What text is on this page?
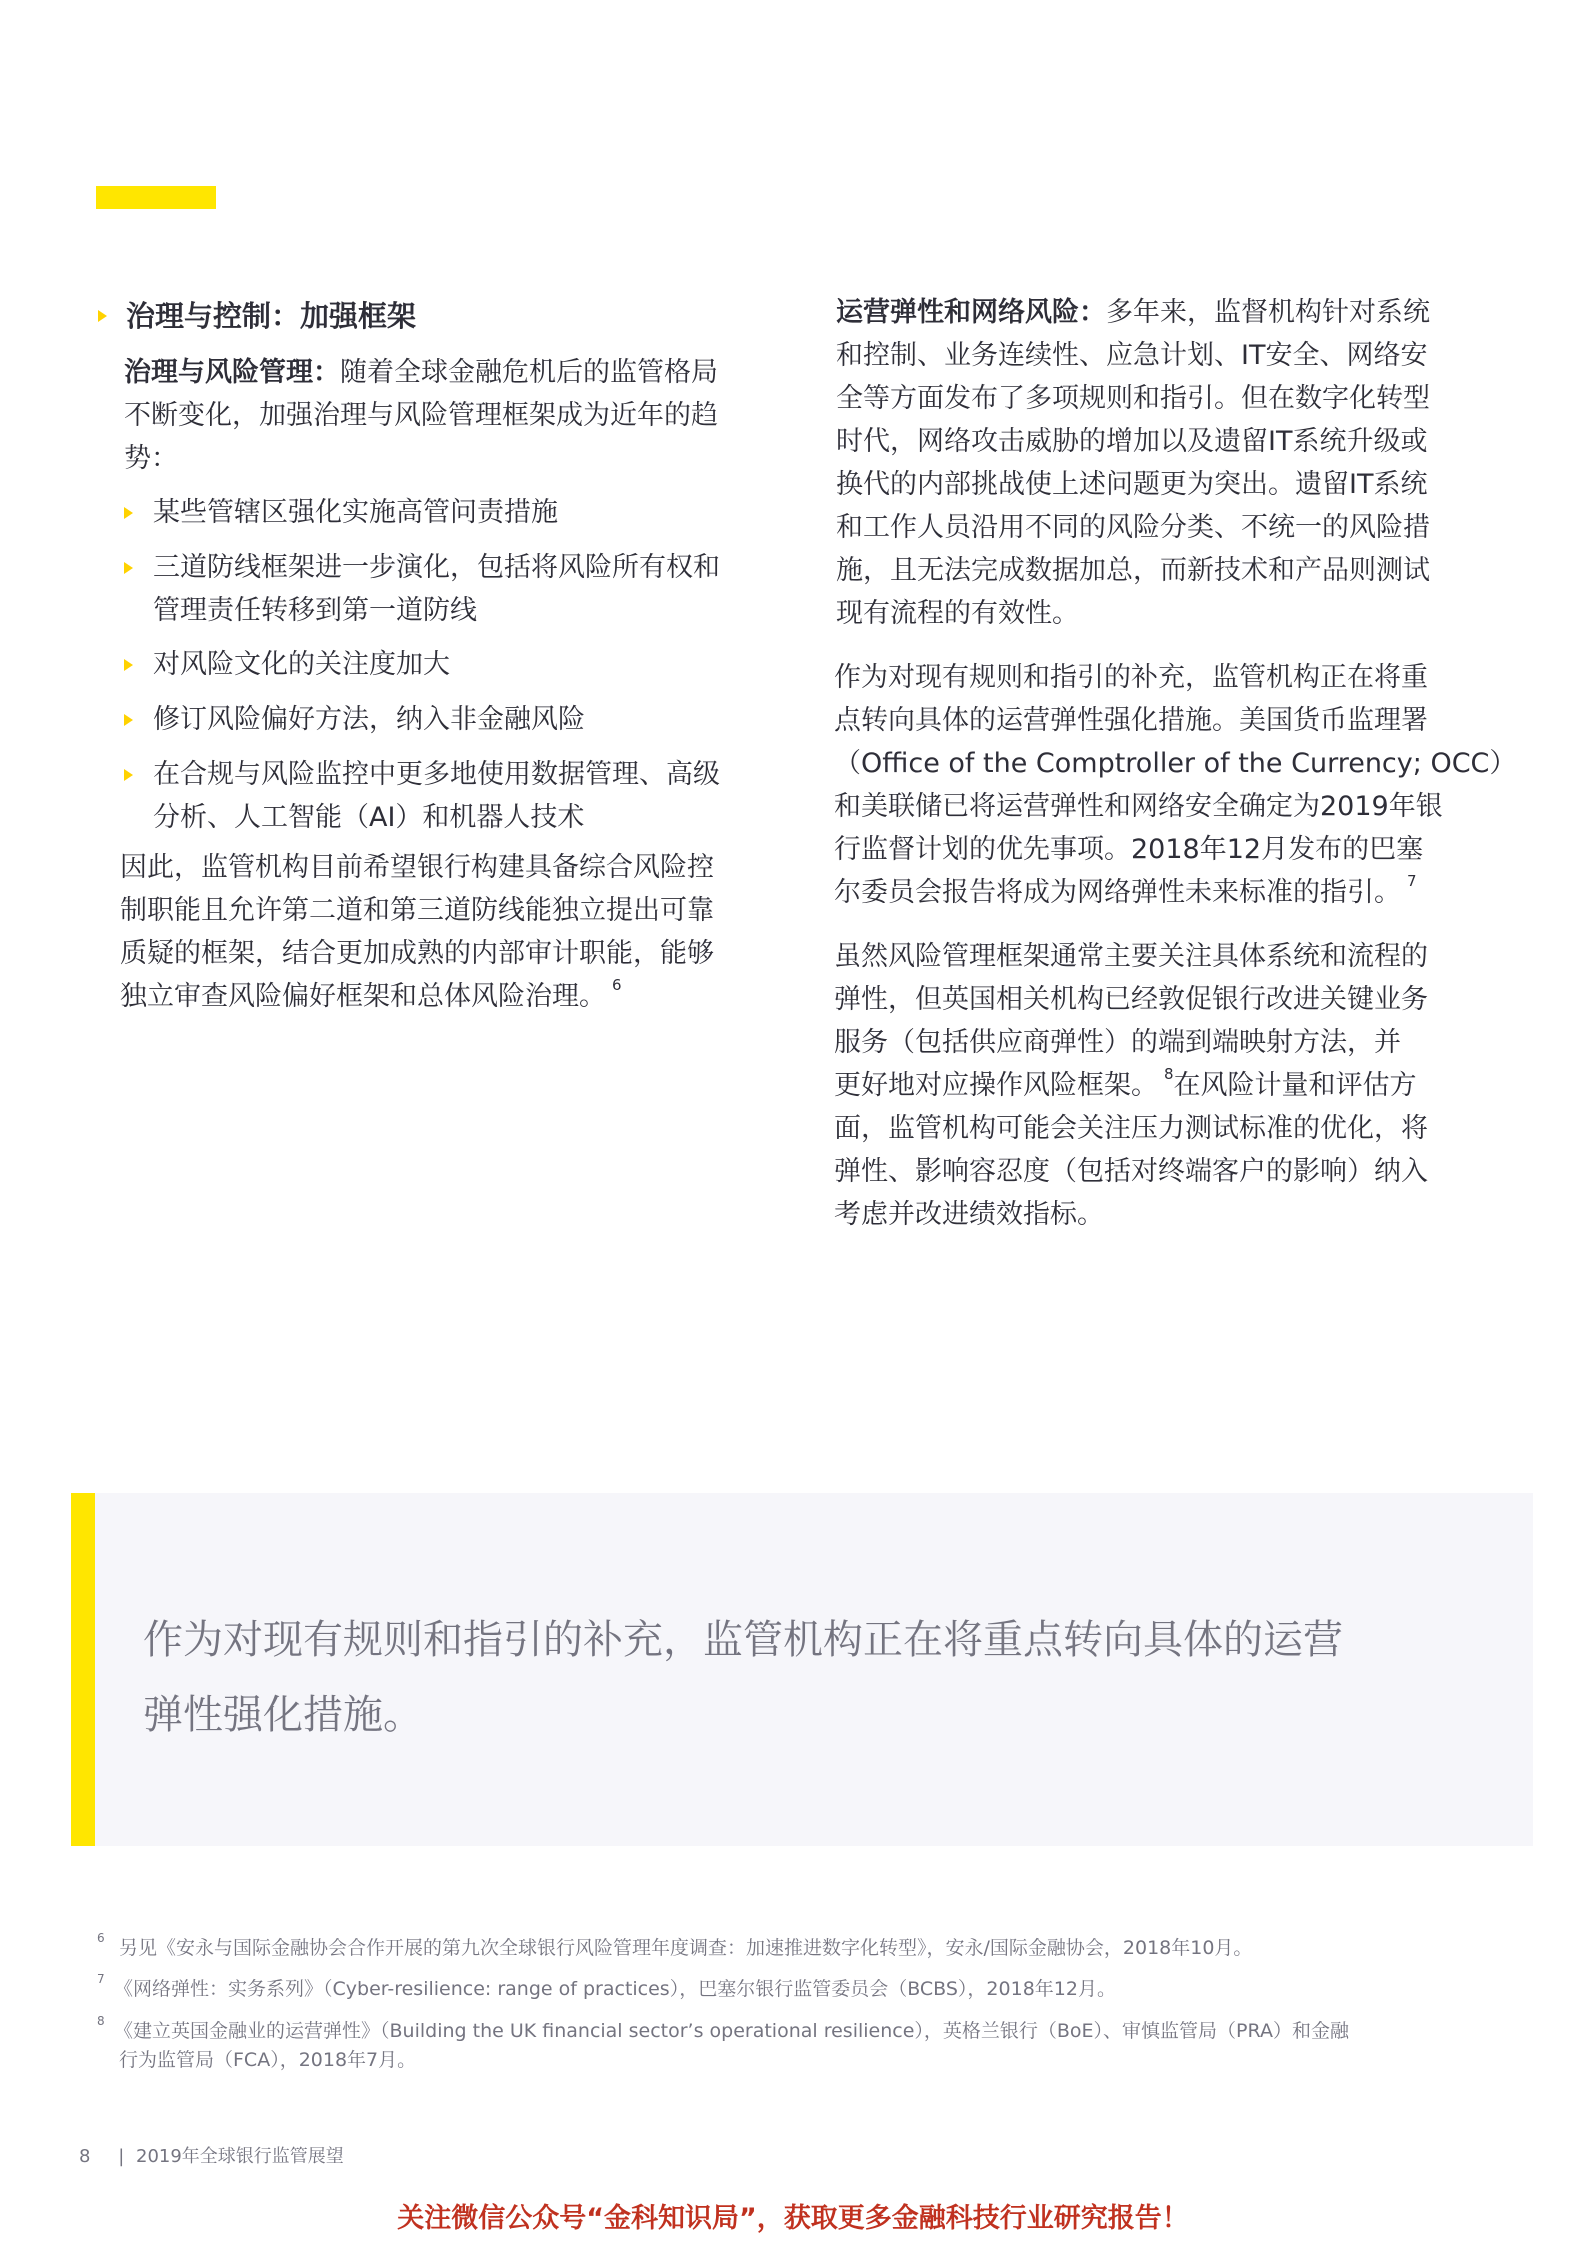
治理与控制：加强框架
治理与风险管理：随着全球金融危机后的监管格局
不断变化，加强治理与风险管理框架成为近年的趋
势：
某些管辖区强化实施高管问责措施
三道防线框架进一步演化，包括将风险所有权和
管理责任转移到第一道防线
对风险文化的关注度加大
修订风险偏好方法，纳入非金融风险
在合规与风险监控中更多地使用数据管理、高级
分析、人工智能（AI）和机器人技术
因此，监管机构目前希望银行构建具备综合风险控
制职能且允许第二道和第三道防线能独立提出可靠
质疑的框架，结合更加成熟的内部审计职能，能够
独立审查风险偏好框架和总体风险治理。 $^6$
运营弹性和网络风险：多年来，监督机构针对系统
和控制、业务连续性、应急计划、IT安全、网络安
全等方面发布了多项规则和指引。但在数字化转型
时代，网络攻击威胁的增加以及遗留IT系统升级或
换代的内部挑战使上述问题更为突出。遗留IT系统
和工作人员沿用不同的风险分类、不统一的风险措
施，且无法完成数据加总，而新技术和产品则测试
现有流程的有效性。
作为对现有规则和指引的补充，监管机构正在将重
点转向具体的运营弹性强化措施。美国货币监理署
（Office of the Comptroller of the Currency; OCC）
和美联储已将运营弹性和网络安全确定为2019年银
行监督计划的优先事项。2018年12月发布的巴塞
尔委员会报告将成为网络弹性未来标准的指引。 $^7$
虽然风险管理框架通常主要关注具体系统和流程的
弹性，但英国相关机构已经敦促银行改进关键业务
服务（包括供应商弹性）的端到端映射方法，并
更好地对应操作风险框架。 $^8$在风险计量和评估方
面，监管机构可能会关注压力测试标准的优化，将
弹性、影响容忍度（包括对终端客户的影响）纳入
考虑并改进绩效指标。
作为对现有规则和指引的补充，监管机构正在将重点转向具体的运营
弹性强化措施。
6 另见《安永与国际金融协会合作开展的第九次全球银行风险管理年度调查：加速推进数字化转型》，安永/国际金融协会，2018年10月。
7 《网络弹性：实务系列》（Cyber-resilience: range of practices），巴塞尔银行监管委员会（BCBS），2018年12月。
8 《建立英国金融业的运营弹性》（Building the UK financial sector’s operational resilience），英格兰银行（BoE）、审慎监管局（PRA）和金融
行为监管局（FCA），2018年7月。
8 | 2019年全球银行监管展望
关注微信公众号“金科知识局”，获取更多金融科技行业研究报告！
